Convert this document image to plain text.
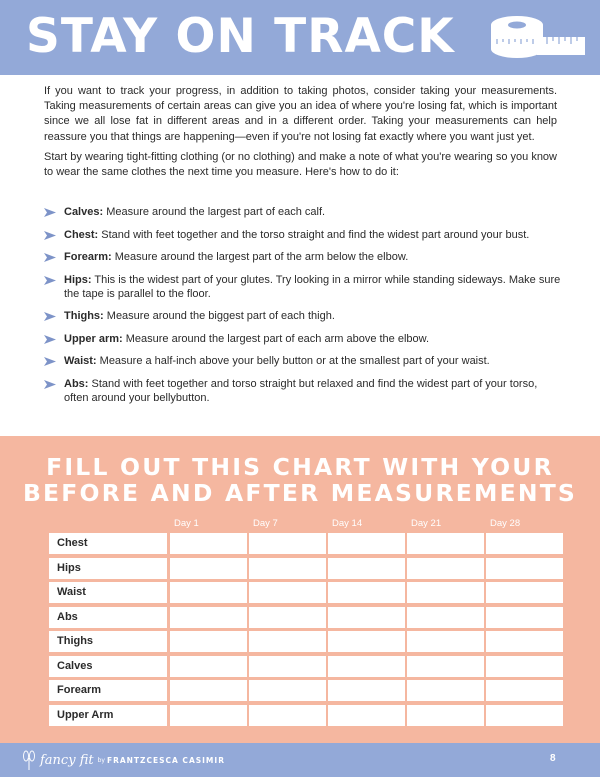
STAY ON TRACK

If you want to track your progress, in addition to taking photos, consider taking your measurements. Taking measurements of certain areas can give you an idea of where you're losing fat, which is important since we all lose fat in different areas and in a different order. Taking your measurements can help reassure you that things are happening—even if you're not losing fat exactly where you want just yet.

Start by wearing tight-fitting clothing (or no clothing) and make a note of what you're wearing so you know to wear the same clothes the next time you measure. Here's how to do it:

Calves: Measure around the largest part of each calf.
Chest: Stand with feet together and the torso straight and find the widest part around your bust.
Forearm: Measure around the largest part of the arm below the elbow.
Hips: This is the widest part of your glutes. Try looking in a mirror while standing sideways. Make sure the tape is parallel to the floor.
Thighs: Measure around the biggest part of each thigh.
Upper arm: Measure around the largest part of each arm above the elbow.
Waist: Measure a half-inch above your belly button or at the smallest part of your waist.
Abs: Stand with feet together and torso straight but relaxed and find the widest part of your torso, often around your bellybutton.
FILL OUT THIS CHART WITH YOUR
BEFORE AND AFTER MEASUREMENTS
Day 1	Day 7	Day 14	Day 21	Day 28
Chest
Hips
Waist
Abs
Thighs
Calves
Forearm
Upper Arm
fancy fit by FRANTZCESCA CASIMIR	8
